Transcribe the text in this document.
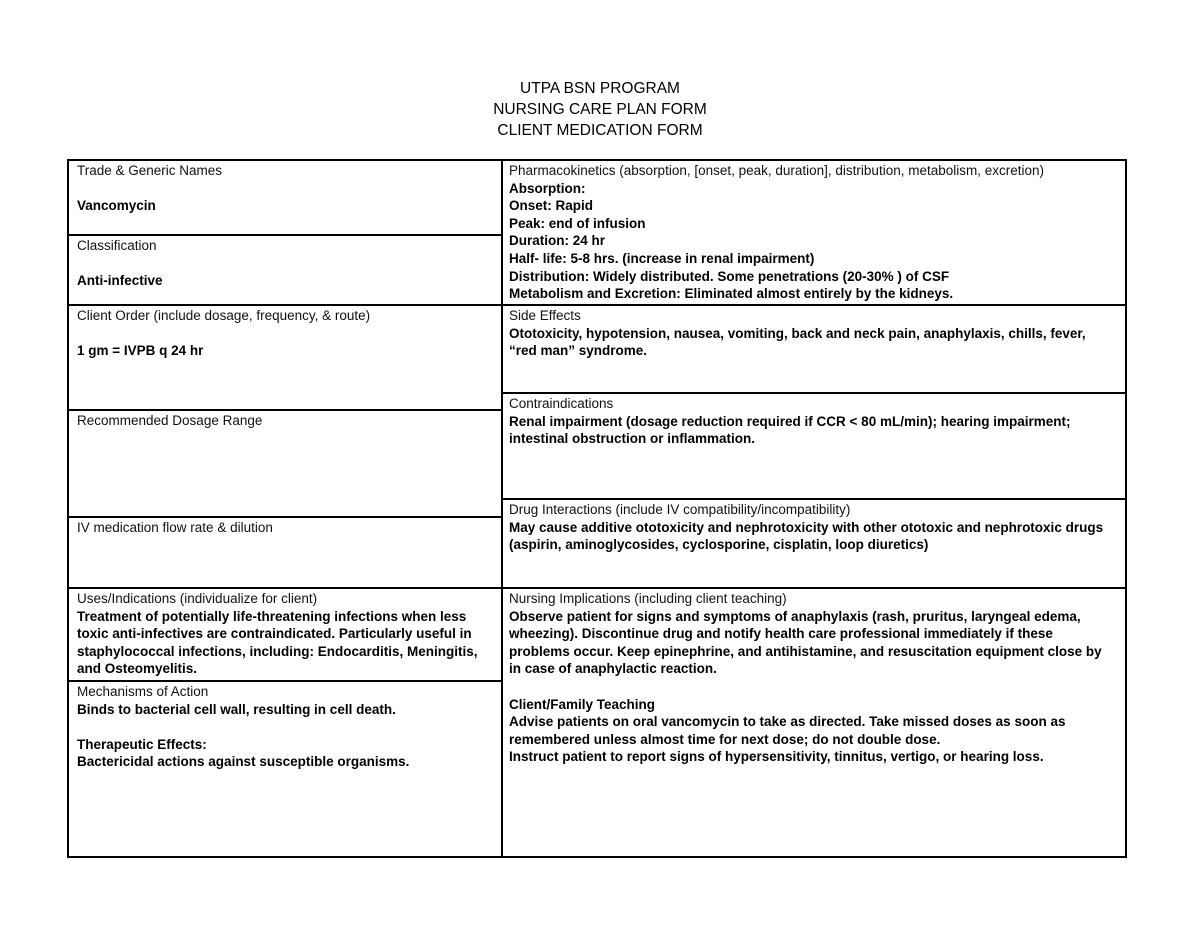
UTPA BSN PROGRAM
NURSING CARE PLAN FORM
CLIENT MEDICATION FORM
Trade & Generic Names
Vancomycin
Classification
Anti-infective
Client Order (include dosage, frequency, & route)
1 gm = IVPB q 24 hr
Recommended Dosage Range
IV medication flow rate & dilution
Uses/Indications (individualize for client)
Treatment of potentially life-threatening infections when less toxic anti-infectives are contraindicated. Particularly useful in staphylococcal infections, including: Endocarditis, Meningitis, and Osteomyelitis.
Mechanisms of Action
Binds to bacterial cell wall, resulting in cell death.
Therapeutic Effects:
Bactericidal actions against susceptible organisms.
Pharmacokinetics (absorption, [onset, peak, duration], distribution, metabolism, excretion)
Absorption:
Onset: Rapid
Peak: end of infusion
Duration: 24 hr
Half- life: 5-8 hrs. (increase in renal impairment)
Distribution: Widely distributed. Some penetrations (20-30% ) of CSF
Metabolism and Excretion: Eliminated almost entirely by the kidneys.
Side Effects
Ototoxicity, hypotension, nausea, vomiting, back and neck pain, anaphylaxis, chills, fever, “red man” syndrome.
Contraindications
Renal impairment (dosage reduction required if CCR < 80 mL/min); hearing impairment; intestinal obstruction or inflammation.
Drug Interactions (include IV compatibility/incompatibility)
May cause additive ototoxicity and nephrotoxicity with other ototoxic and nephrotoxic drugs (aspirin, aminoglycosides, cyclosporine, cisplatin, loop diuretics)
Nursing Implications (including client teaching)
Observe patient for signs and symptoms of anaphylaxis (rash, pruritus, laryngeal edema, wheezing). Discontinue drug and notify health care professional immediately if these problems occur. Keep epinephrine, and antihistamine, and resuscitation equipment close by in case of anaphylactic reaction.
Client/Family Teaching
Advise patients on oral vancomycin to take as directed. Take missed doses as soon as remembered unless almost time for next dose; do not double dose.
Instruct patient to report signs of hypersensitivity, tinnitus, vertigo, or hearing loss.
